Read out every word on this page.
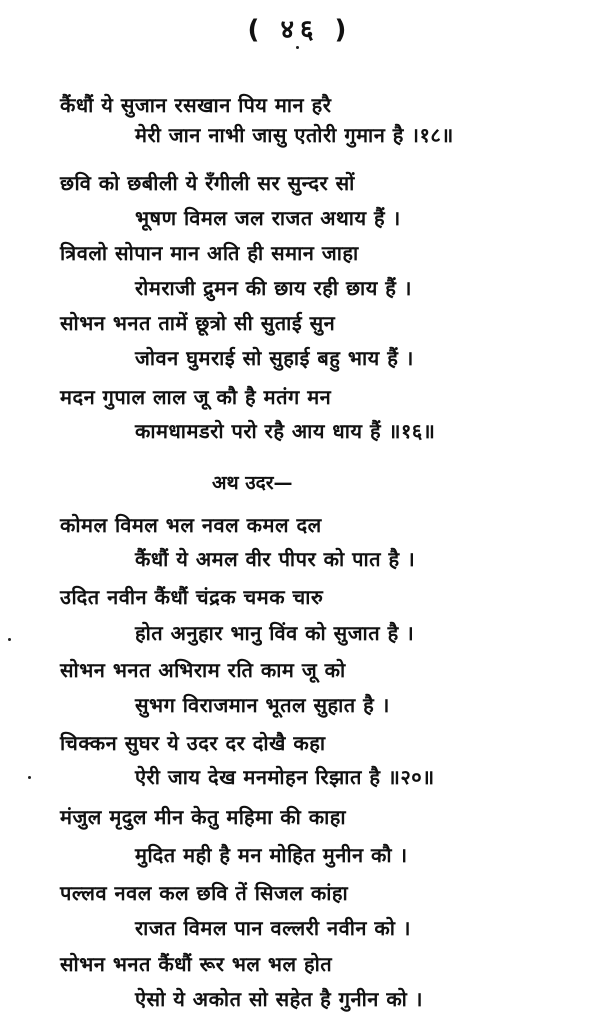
( ४६ )
कैंधौं ये सुजान रसखान पिय मान हरै
मेरी जान नाभी जासु एतोरी गुमान है ।१८॥
छवि को छबीली ये रँगीली सर सुन्दर सों
भूषण विमल जल राजत अथाय हैं ।
त्रिवलो सोपान मान अति ही समान जाहा
रोमराजी द्रुमन की छाय रही छाय हैं ।
सोभन भनत तामें छूत्रो सी सुताई सुन
जोवन घुमराई सो सुहाई बहु भाय हैं ।
मदन गुपाल लाल जू कौ है मतंग मन
कामधामडरो परो रहै आय धाय हैं ॥१६॥
अथ उदर—
कोमल विमल भल नवल कमल दल
कैंधौं ये अमल वीर पीपर को पात है ।
उदित नवीन कैंधौं चंद्रक चमक चारु
होत अनुहार भानु विंव को सुजात है ।
सोभन भनत अभिराम रति काम जू को
सुभग विराजमान भूतल सुहात है ।
चिक्कन सुघर ये उदर दर दोखै कहा
ऐरी जाय देख मनमोहन रिझात है ॥२०॥
मंजुल मृदुल मीन केतु महिमा की काहा
मुदित मही है मन मोहित मुनीन कौ ।
पल्लव नवल कल छवि तें सिजल कांहा
राजत विमल पान वल्लरी नवीन को ।
सोभन भनत कैंधौं रूर भल भल होत
ऐसो ये अकोत सो सहेत है गुनीन को ।
